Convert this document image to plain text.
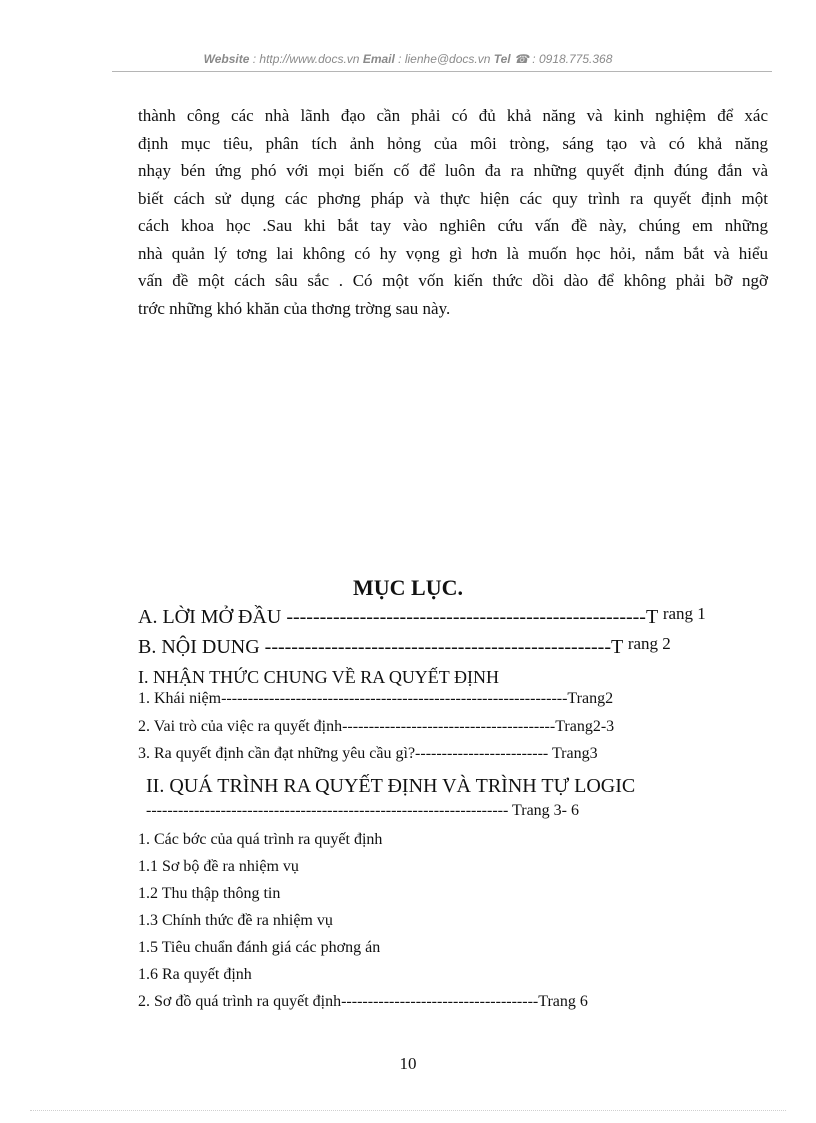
Website : http://www.docs.vn Email : lienhe@docs.vn Tel ☎ : 0918.775.368
thành công các nhà lãnh đạo cần phải có đủ khả năng và kinh nghiệm để xác
định mục tiêu, phân tích ảnh hỏng của môi tròng, sáng tạo và có khả năng
nhạy bén ứng phó với mọi biến cố để luôn đa ra những quyết định đúng đắn và
biết cách sử dụng các phơng pháp và thực hiện các quy trình ra quyết định một
cách khoa học .Sau khi bắt tay vào nghiên cứu vấn đề này, chúng em những
nhà quản lý tơng lai không có hy vọng gì hơn là muốn học hỏi, nắm bắt và hiểu
vấn đề một cách sâu sắc . Có một vốn kiến thức dồi dào để không phải bỡ ngỡ
trớc những khó khăn của thơng trờng sau này.
MỤC LỤC.
A. LỜI MỞ ĐẦU ------------------------------------------------------T $^{rang 1}$
B. NỘI DUNG ----------------------------------------------------T $^{rang 2}$
I. NHẬN THỨC CHUNG VỀ RA QUYẾT ĐỊNH
1. Khái niệm-----------------------------------------------------------------Trang2
2. Vai trò của việc ra quyết định----------------------------------------Trang2-3
3. Ra quyết định cần đạt những yêu cầu gì?------------------------- Trang3
II. QUÁ TRÌNH RA QUYẾT ĐỊNH VÀ TRÌNH TỰ LOGIC
-------------------------------------------------------------------- Trang 3- 6
1. Các bớc của quá trình ra quyết định
1.1 Sơ bộ đề ra nhiệm vụ
1.2 Thu thập thông tin
1.3 Chính thức đề ra nhiệm vụ
1.5 Tiêu chuẩn đánh giá các phơng án
1.6 Ra quyết định
2. Sơ đồ quá trình ra quyết định-------------------------------------Trang 6
10
